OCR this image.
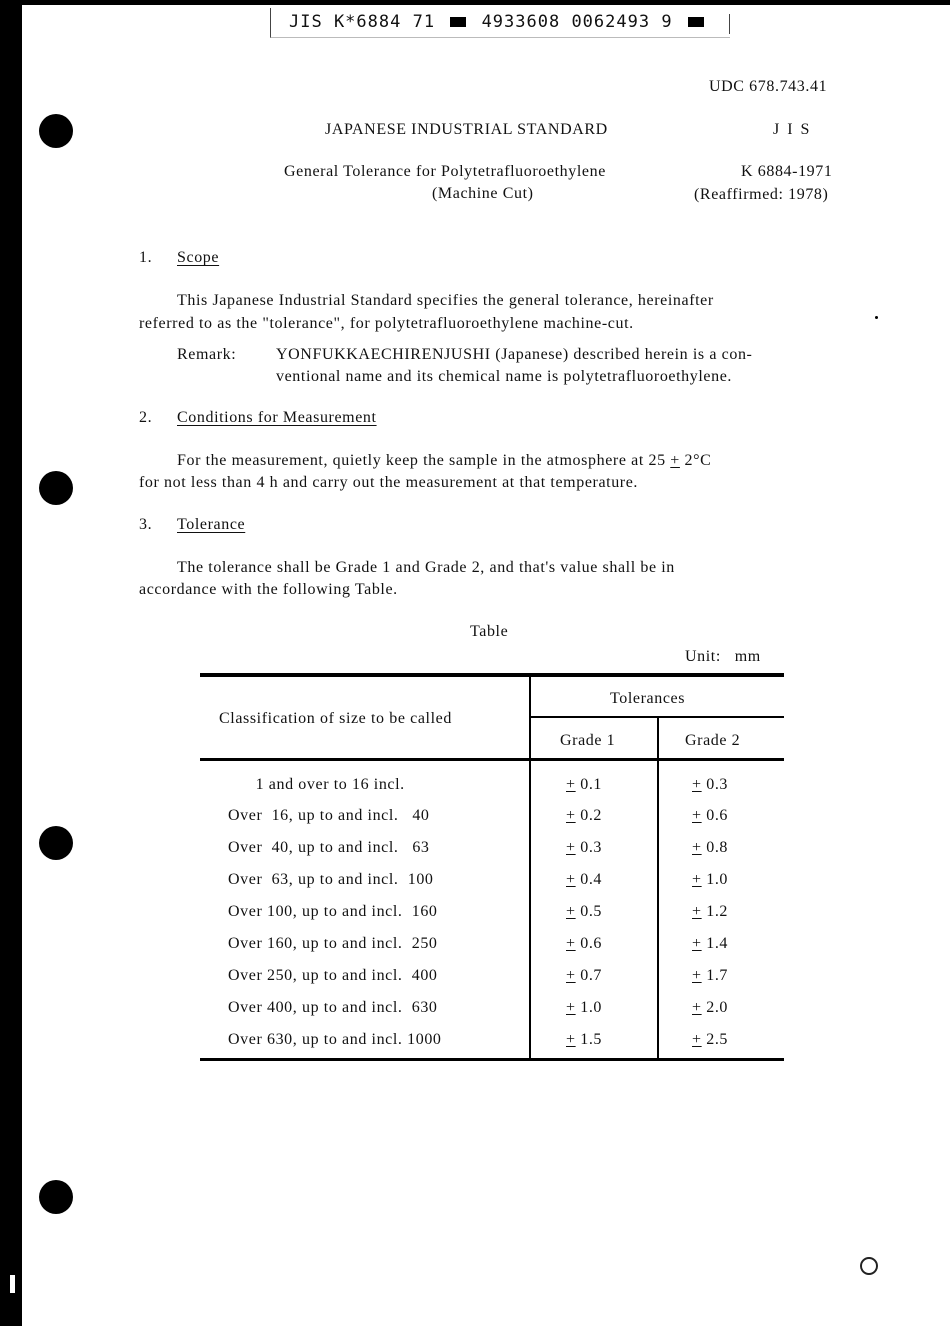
JIS K*6884 71	4933608 0062493 9
UDC 678.743.41
JAPANESE INDUSTRIAL STANDARD	J I S
General Tolerance for Polytetrafluoroethylene
(Machine Cut)
K 6884-1971
(Reaffirmed: 1978)
1. Scope
This Japanese Industrial Standard specifies the general tolerance, hereinafter
referred to as the "tolerance", for polytetrafluoroethylene machine-cut.
Remark: YONFUKKAECHIRENJUSHI (Japanese) described herein is a con-
ventional name and its chemical name is polytetrafluoroethylene.
2. Conditions for Measurement
For the measurement, quietly keep the sample in the atmosphere at 25 + 2°C
for not less than 4 h and carry out the measurement at that temperature.
3. Tolerance
The tolerance shall be Grade 1 and Grade 2, and that's value shall be in
accordance with the following Table.
Table
Unit:   mm
Classification of size to be called
Tolerances
Grade 1	Grade 2
1 and over to 16 incl.	+ 0.1	+ 0.3
Over  16, up to and incl.   40	+ 0.2	+ 0.6
Over  40, up to and incl.   63	+ 0.3	+ 0.8
Over  63, up to and incl.  100	+ 0.4	+ 1.0
Over 100, up to and incl.  160	+ 0.5	+ 1.2
Over 160, up to and incl.  250	+ 0.6	+ 1.4
Over 250, up to and incl.  400	+ 0.7	+ 1.7
Over 400, up to and incl.  630	+ 1.0	+ 2.0
Over 630, up to and incl. 1000	+ 1.5	+ 2.5
